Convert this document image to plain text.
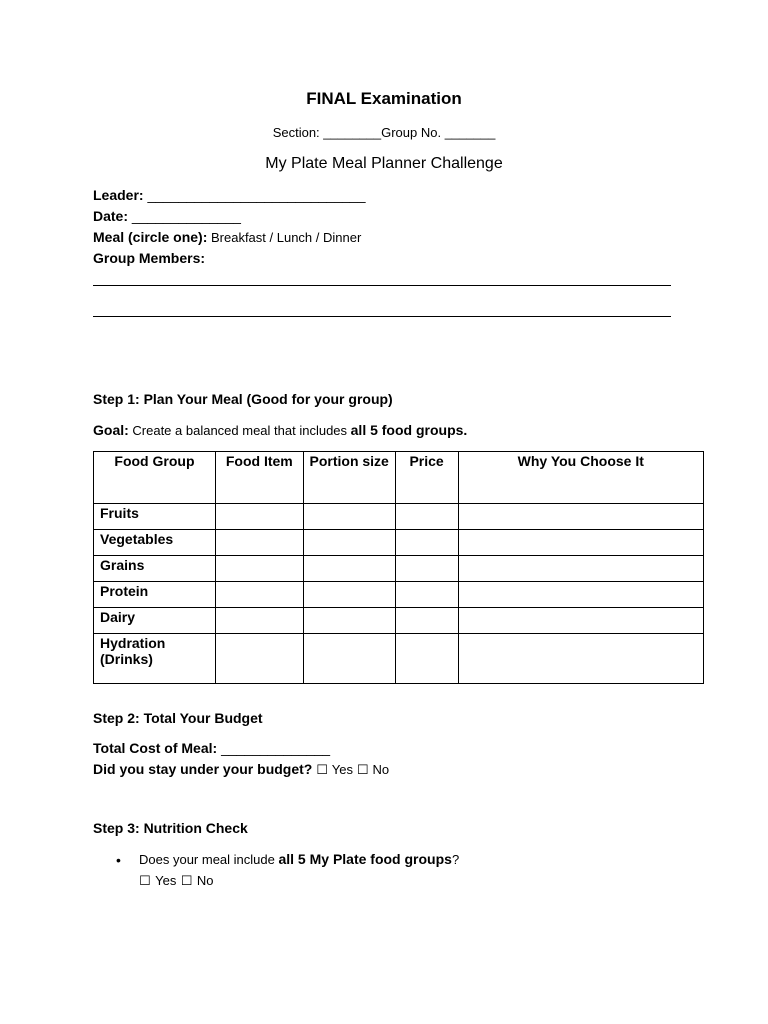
FINAL Examination
Section: ________Group No. _______
My Plate Meal Planner Challenge
Leader: ____________________________
Date: ______________
Meal (circle one): Breakfast / Lunch / Dinner
Group Members:
Step 1: Plan Your Meal (Good for your group)
Goal: Create a balanced meal that includes all 5 food groups.
Food Group	Food Item	Portion size	Price	Why You Choose It
Fruits				
Vegetables				
Grains				
Protein				
Dairy				
Hydration (Drinks)				
Step 2: Total Your Budget
Total Cost of Meal: ______________
Did you stay under your budget? ☐ Yes ☐ No
Step 3: Nutrition Check
• Does your meal include all 5 My Plate food groups?
☐ Yes ☐ No
